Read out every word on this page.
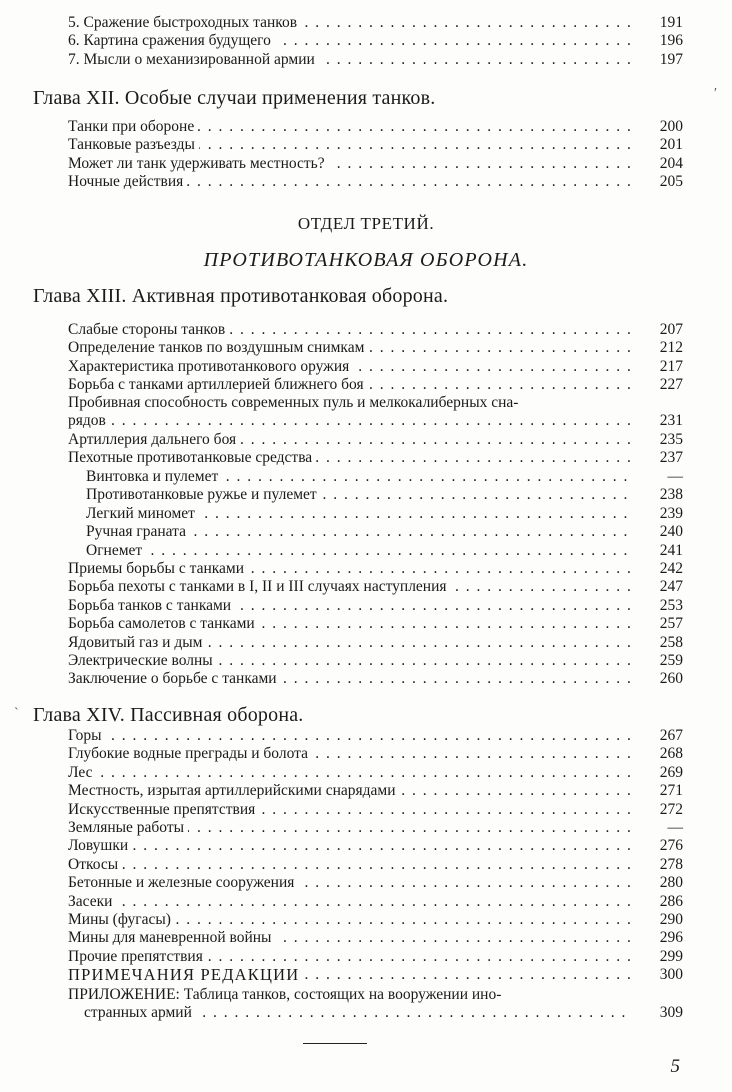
5. Сражение быстроходных танков . . .	191
6. Картина сражения будущего . . .	196
7. Мысли о механизированной армии . . .	197
Глава XII. Особые случаи применения танков.
Танки при обороне . . .	200
Танковые разъезды . . .	201
Может ли танк удерживать местность? . . .	204
Ночные действия . . .	205
ОТДЕЛ ТРЕТИЙ.
ПРОТИВОТАНКОВАЯ ОБОРОНА.
Глава XIII. Активная противотанковая оборона.
Слабые стороны танков . . .	207
Определение танков по воздушным снимкам . . .	212
Характеристика противотанкового оружия . . .	217
Борьба с танками артиллерией ближнего боя . . .	227
Пробивная способность современных пуль и мелкокалиберных сна-
рядов . . .	231
Артиллерия дальнего боя . . .	235
Пехотные противотанковые средства . . .	237
Винтовка и пулемет . . .	—
Противотанковые ружье и пулемет . . .	238
Легкий миномет . . .	239
Ручная граната . . .	240
Огнемет . . .	241
Приемы борьбы с танками . . .	242
Борьба пехоты с танками в I, II и III случаях наступления . . .	247
Борьба танков с танками . . .	253
Борьба самолетов с танками . . .	257
Ядовитый газ и дым . . .	258
Электрические волны . . .	259
Заключение о борьбе с танками . . .	260
Глава XIV. Пассивная оборона.
Горы . . .	267
Глубокие водные преграды и болота . . .	268
Лес . . .	269
Местность, изрытая артиллерийскими снарядами . . .	271
Искусственные препятствия . . .	272
Земляные работы . . .	—
Ловушки . . .	276
Откосы . . .	278
Бетонные и железные сооружения . . .	280
Засеки . . .	286
Мины (фугасы) . . .	290
Мины для маневренной войны . . .	296
Прочие препятствия . . .	299
ПРИМЕЧАНИЯ РЕДАКЦИИ . . .	300
ПРИЛОЖЕНИЕ: Таблица танков, состоящих на вооружении ино-
странных армий . . .	309
5
′
`
